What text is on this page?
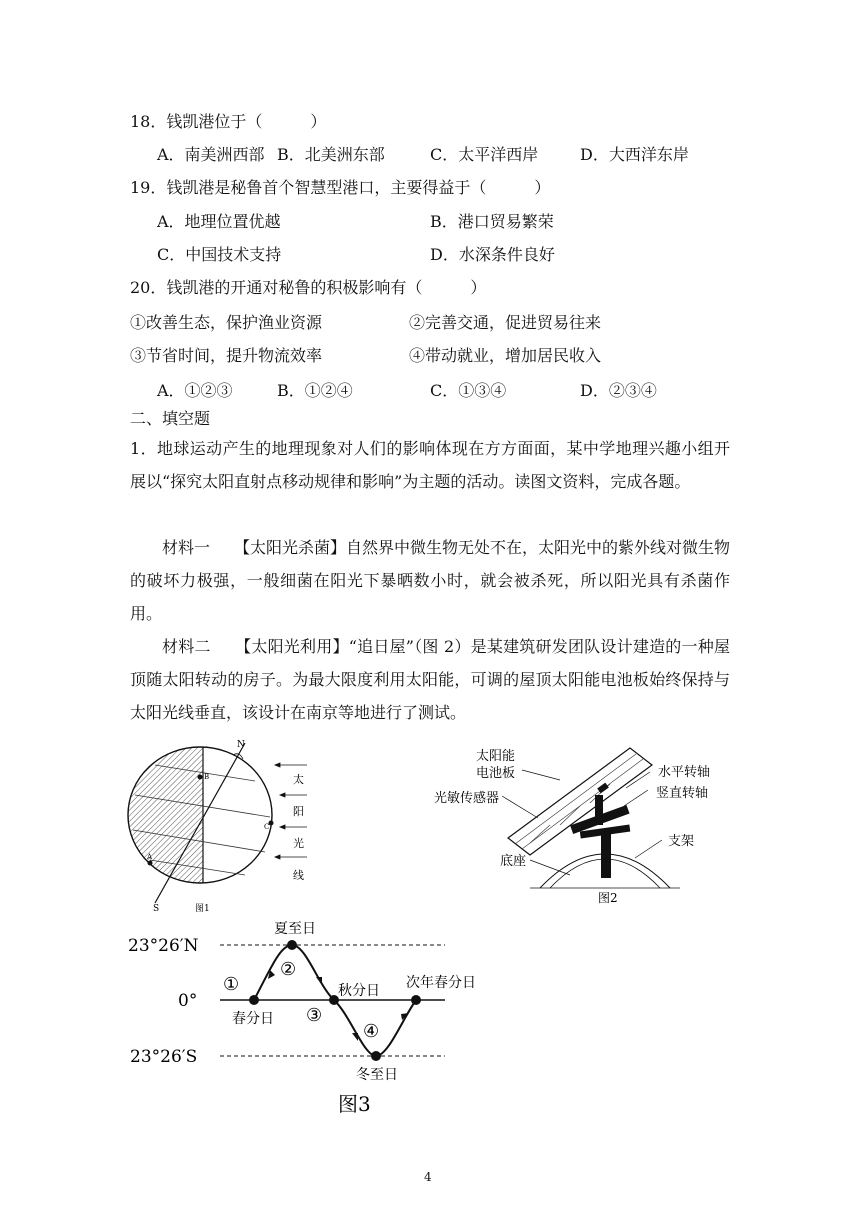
18．钱凯港位于（　　　）
A．南美洲西部 B．北美洲东部	C．太平洋西岸	D．大西洋东岸
19．钱凯港是秘鲁首个智慧型港口，主要得益于（　　　）
A．地理位置优越	B．港口贸易繁荣
C．中国技术支持	D．水深条件良好
20．钱凯港的开通对秘鲁的积极影响有（　　　）
①改善生态，保护渔业资源	②完善交通，促进贸易往来
③节省时间，提升物流效率	④带动就业，增加居民收入
A．①②③	B．①②④	C．①③④	D．②③④
二、填空题
1．地球运动产生的地理现象对人们的影响体现在方方面面，某中学地理兴趣小组开展以“探究太阳直射点移动规律和影响”为主题的活动。读图文资料，完成各题。
材料一　　【太阳光杀菌】自然界中微生物无处不在，太阳光中的紫外线对微生物的破坏力极强，一般细菌在阳光下暴晒数小时，就会被杀死，所以阳光具有杀菌作用。
材料二　　【太阳光利用】“追日屋”（图 2）是某建筑研发团队设计建造的一种屋顶随太阳转动的房子。为最大限度利用太阳能，可调的屋顶太阳能电池板始终保持与太阳光线垂直，该设计在南京等地进行了测试。
N
S
B
A
C
图1
太
阳
光
线
太阳能
电池板
光敏传感器
水平转轴
竖直转轴
支架
底座
图2
23°26′N
0°
23°26′S
夏至日
春分日
秋分日
冬至日
次年春分日
①
②
③
④
图3
4
